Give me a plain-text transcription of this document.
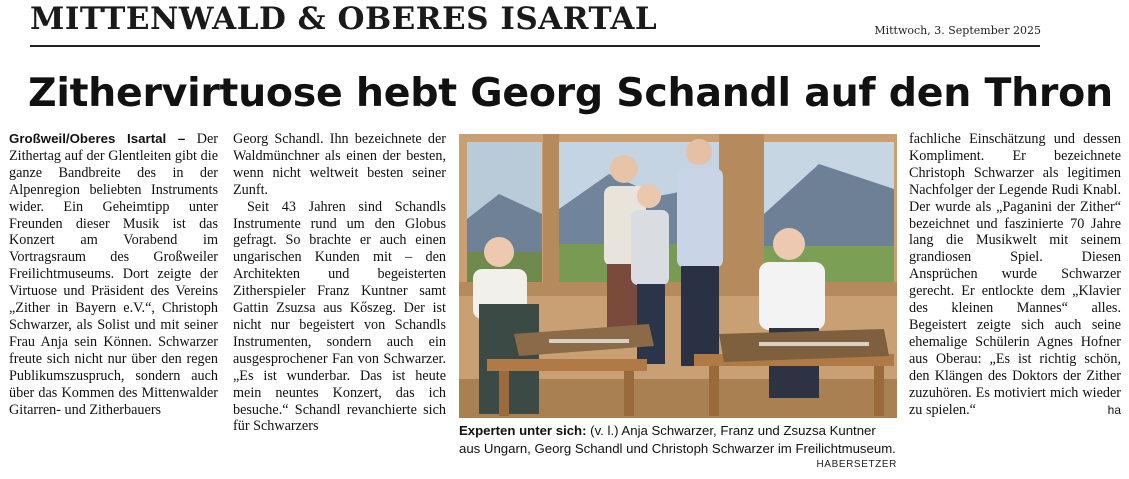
MITTENWALD & OBERES ISARTAL	Mittwoch, 3. September 2025
Zithervirtuose hebt Georg Schandl auf den Thron

Großweil/Oberes Isartal – Der Zithertag auf der Glentleiten gibt die ganze Bandbreite des in der Alpenregion beliebten Instruments wider. Ein Geheimtipp unter Freunden dieser Musik ist das Konzert am Vorabend im Vortragsraum des Großweiler Freilichtmuseums. Dort zeigte der Virtuose und Präsident des Vereins „Zither in Bayern e.V.“, Christoph Schwarzer, als Solist und mit seiner Frau Anja sein Können. Schwarzer freute sich nicht nur über den regen Publikumszuspruch, sondern auch über das Kommen des Mittenwalder Gitarren- und Zitherbauers

Georg Schandl. Ihn bezeichnete der Waldmünchner als einen der besten, wenn nicht weltweit besten seiner Zunft.

Seit 43 Jahren sind Schandls Instrumente rund um den Globus gefragt. So brachte er auch einen ungarischen Kunden mit – den Architekten und begeisterten Zitherspieler Franz Kuntner samt Gattin Zsuzsa aus Kőszeg. Der ist nicht nur begeistert von Schandls Instrumenten, sondern auch ein ausgesprochener Fan von Schwarzer. „Es ist wunderbar. Das ist heute mein neuntes Konzert, das ich besuche.“ Schandl revanchierte sich für Schwarzers	Experten unter sich: (v. l.) Anja Schwarzer, Franz und Zsuzsa Kuntner aus Ungarn, Georg Schandl und Christoph Schwarzer im Freilichtmuseum.
HABERSETZER

fachliche Einschätzung und dessen Kompliment. Er bezeichnete Christoph Schwarzer als legitimen Nachfolger der Legende Rudi Knabl. Der wurde als „Paganini der Zither“ bezeichnet und faszinierte 70 Jahre lang die Musikwelt mit seinem grandiosen Spiel. Diesen Ansprüchen wurde Schwarzer gerecht. Er entlockte dem „Klavier des kleinen Mannes“ alles. Begeistert zeigte sich auch seine ehemalige Schülerin Agnes Hofner aus Oberau: „Es ist richtig schön, den Klängen des Doktors der Zither zuzuhören. Es motiviert mich wieder zu spielen.“	ha
